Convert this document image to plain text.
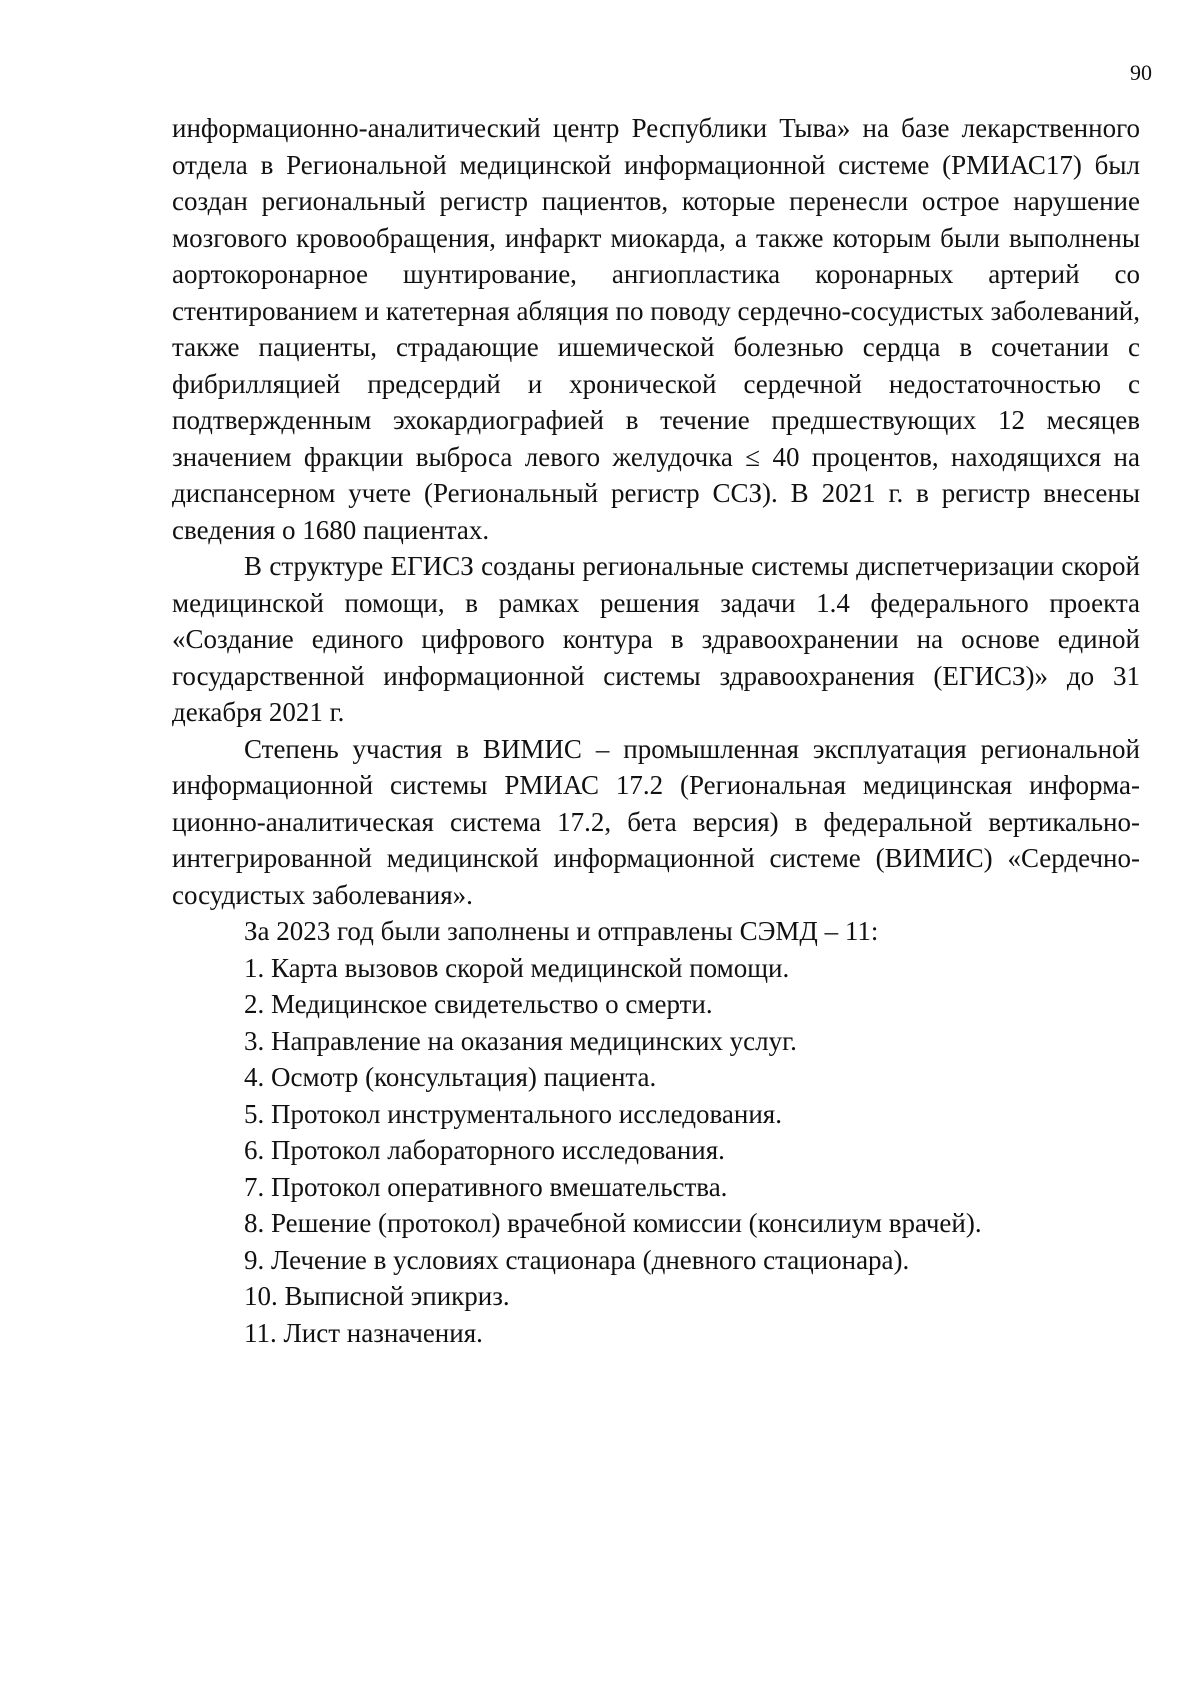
90

информационно-аналитический центр Республики Тыва» на базе лекарственного отдела в Региональной медицинской информационной системе (РМИАС17) был создан региональный регистр пациентов, которые перенесли острое нарушение мозгового кровообращения, инфаркт миокарда, а также которым были выполнены аортокоронарное шунтирование, ангиопластика коронарных артерий со стентированием и катетерная абляция по поводу сердечно-сосудистых заболеваний, также пациенты, страдающие ишемической болезнью сердца в сочетании с фибрилляцией предсердий и хронической сердечной недостаточностью с подтвержденным эхокардиографией в течение предшествующих 12 месяцев значением фракции выброса левого желудочка ≤ 40 процентов, находящихся на диспансерном учете (Региональный регистр ССЗ). В 2021 г. в регистр внесены сведения о 1680 пациентах.

В структуре ЕГИСЗ созданы региональные системы диспетчеризации скорой медицинской помощи, в рамках решения задачи 1.4 федерального проекта «Создание единого цифрового контура в здравоохранении на основе единой государственной информационной системы здравоохранения (ЕГИСЗ)» до 31 декабря 2021 г.

Степень участия в ВИМИС – промышленная эксплуатация региональной информационной системы РМИАС 17.2 (Региональная медицинская информационно-аналитическая система 17.2, бета версия) в федеральной вертикально-интегрированной медицинской информационной системе (ВИМИС) «Сердечно-сосудистых заболевания».

За 2023 год были заполнены и отправлены СЭМД – 11:

1. Карта вызовов скорой медицинской помощи.
2. Медицинское свидетельство о смерти.
3. Направление на оказания медицинских услуг.
4. Осмотр (консультация) пациента.
5. Протокол инструментального исследования.
6. Протокол лабораторного исследования.
7. Протокол оперативного вмешательства.
8. Решение (протокол) врачебной комиссии (консилиум врачей).
9. Лечение в условиях стационара (дневного стационара).
10. Выписной эпикриз.
11. Лист назначения.
